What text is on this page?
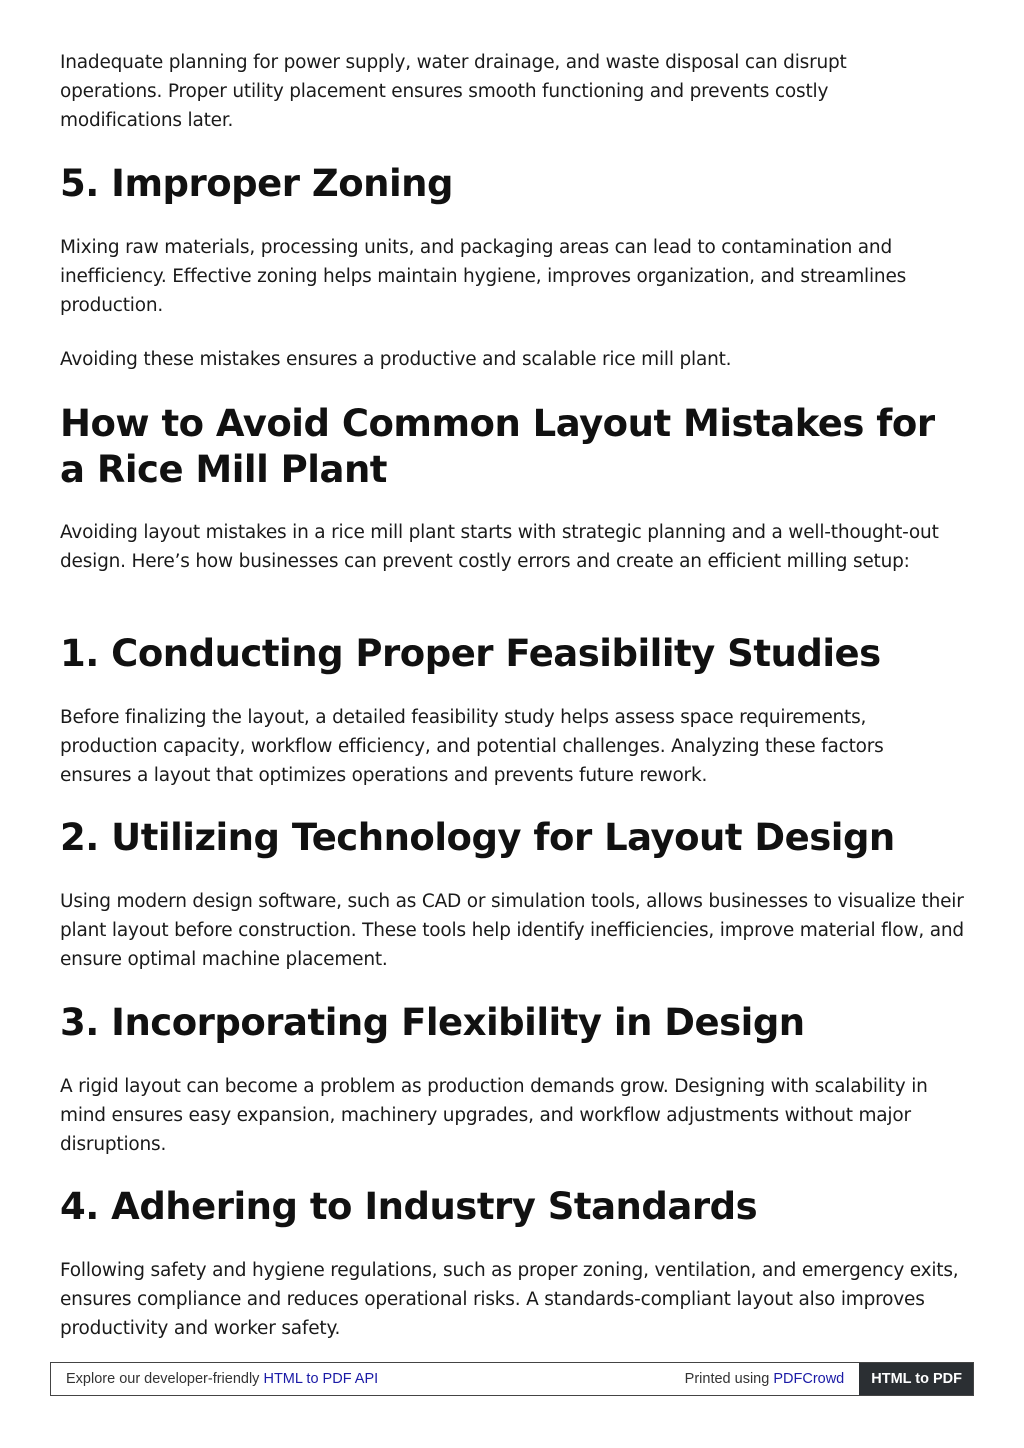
Inadequate planning for power supply, water drainage, and waste disposal can disrupt operations. Proper utility placement ensures smooth functioning and prevents costly modifications later.

5. Improper Zoning

Mixing raw materials, processing units, and packaging areas can lead to contamination and inefficiency. Effective zoning helps maintain hygiene, improves organization, and streamlines production.

Avoiding these mistakes ensures a productive and scalable rice mill plant.

How to Avoid Common Layout Mistakes for a Rice Mill Plant

Avoiding layout mistakes in a rice mill plant starts with strategic planning and a well-thought-out design. Here’s how businesses can prevent costly errors and create an efficient milling setup:

1. Conducting Proper Feasibility Studies

Before finalizing the layout, a detailed feasibility study helps assess space requirements, production capacity, workflow efficiency, and potential challenges. Analyzing these factors ensures a layout that optimizes operations and prevents future rework.

2. Utilizing Technology for Layout Design

Using modern design software, such as CAD or simulation tools, allows businesses to visualize their plant layout before construction. These tools help identify inefficiencies, improve material flow, and ensure optimal machine placement.

3. Incorporating Flexibility in Design

A rigid layout can become a problem as production demands grow. Designing with scalability in mind ensures easy expansion, machinery upgrades, and workflow adjustments without major disruptions.

4. Adhering to Industry Standards

Following safety and hygiene regulations, such as proper zoning, ventilation, and emergency exits, ensures compliance and reduces operational risks. A standards-compliant layout also improves productivity and worker safety.

Explore our developer-friendly HTML to PDF API	Printed using PDFCrowd	HTML to PDF
